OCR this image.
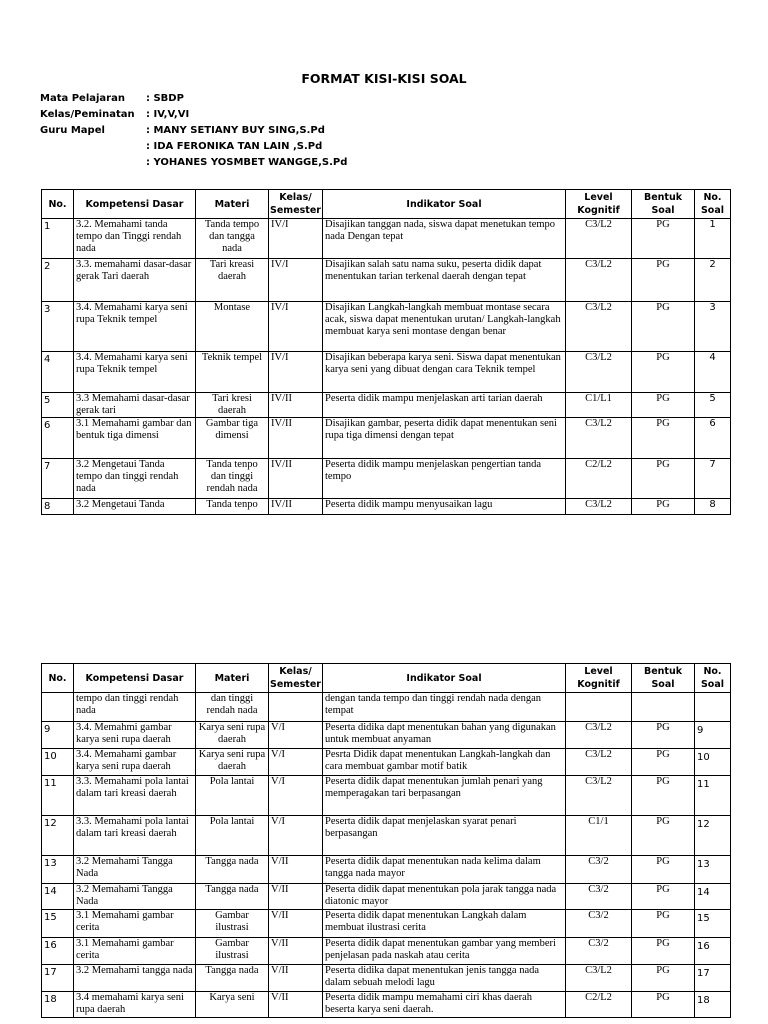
FORMAT KISI-KISI SOAL
Mata Pelajaran	: SBDP
Kelas/Peminatan	: IV,V,VI
Guru Mapel	: MANY SETIANY BUY SING,S.Pd
: IDA FERONIKA TAN LAIN ,S.Pd
: YOHANES YOSMBET WANGGE,S.Pd
No.	Kompetensi Dasar	Materi	Kelas/ Semester	Indikator Soal	Level Kognitif	Bentuk Soal	No. Soal
1	3.2. Memahami tanda tempo dan Tinggi rendah nada	Tanda tempo dan tangga nada	IV/I	Disajikan tanggan nada, siswa dapat menetukan tempo nada Dengan tepat	C3/L2	PG	1
2	3.3. memahami dasar-dasar gerak Tari daerah	Tari kreasi daerah	IV/I	Disajikan salah satu nama suku, peserta didik dapat menentukan tarian terkenal daerah dengan tepat	C3/L2	PG	2
3	3.4. Memahami karya seni rupa Teknik tempel	Montase	IV/I	Disajikan Langkah-langkah membuat montase secara acak, siswa dapat menentukan urutan/ Langkah-langkah membuat karya seni montase dengan benar	C3/L2	PG	3
4	3.4. Memahami karya seni rupa Teknik tempel	Teknik tempel	IV/I	Disajikan beberapa karya seni. Siswa dapat menentukan karya seni yang dibuat dengan cara Teknik tempel	C3/L2	PG	4
5	3.3 Memahami dasar-dasar gerak tari	Tari kresi daerah	IV/II	Peserta didik mampu menjelaskan arti tarian daerah	C1/L1	PG	5
6	3.1 Memahami gambar dan bentuk tiga dimensi	Gambar tiga dimensi	IV/II	Disajikan gambar, peserta didik dapat menentukan seni rupa tiga dimensi dengan tepat	C3/L2	PG	6
7	3.2 Mengetaui Tanda tempo dan tinggi rendah nada	Tanda tenpo dan tinggi rendah nada	IV/II	Peserta didik mampu menjelaskan pengertian tanda tempo	C2/L2	PG	7
8	3.2 Mengetaui Tanda	Tanda tenpo	IV/II	Peserta didik mampu menyusaikan lagu	C3/L2	PG	8
No.	Kompetensi Dasar	Materi	Kelas/ Semester	Indikator Soal	Level Kognitif	Bentuk Soal	No. Soal
	tempo dan tinggi rendah nada	dan tinggi rendah nada		dengan tanda tempo dan tinggi rendah nada dengan tempat			
9	3.4. Memahmi gambar karya seni rupa daerah	Karya seni rupa daerah	V/I	Peserta didika dapt menentukan bahan yang digunakan untuk membuat anyaman	C3/L2	PG	9
10	3.4. Memahami gambar karya seni rupa daerah	Karya seni rupa daerah	V/I	Pesrta Didik dapat menentukan Langkah-langkah dan cara membuat gambar motif batik	C3/L2	PG	10
11	3.3. Memahami pola lantai dalam tari kreasi daerah	Pola lantai	V/I	Peserta didik dapat menentukan jumlah penari yang memperagakan tari berpasangan	C3/L2	PG	11
12	3.3. Memahami pola lantai dalam tari kreasi daerah	Pola lantai	V/I	Peserta didik dapat menjelaskan syarat penari berpasangan	C1/1	PG	12
13	3.2 Memahami Tangga Nada	Tangga nada	V/II	Peserta didik dapat menentukan nada kelima dalam tangga nada mayor	C3/2	PG	13
14	3.2 Memahami Tangga Nada	Tangga nada	V/II	Peserta didik dapat menentukan pola jarak tangga nada diatonic mayor	C3/2	PG	14
15	3.1 Memahami gambar cerita	Gambar ilustrasi	V/II	Peserta didik dapat menentukan Langkah dalam membuat ilustrasi cerita	C3/2	PG	15
16	3.1 Memahami gambar cerita	Gambar ilustrasi	V/II	Peserta didik dapat menentukan gambar yang memberi penjelasan pada naskah atau cerita	C3/2	PG	16
17	3.2 Memahami tangga nada	Tangga nada	V/II	Peserta didika dapat menentukan jenis tangga nada dalam sebuah melodi lagu	C3/L2	PG	17
18	3.4 memahami karya seni rupa daerah	Karya seni	V/II	Peserta didik mampu memahami ciri khas daerah beserta karya seni daerah.	C2/L2	PG	18
